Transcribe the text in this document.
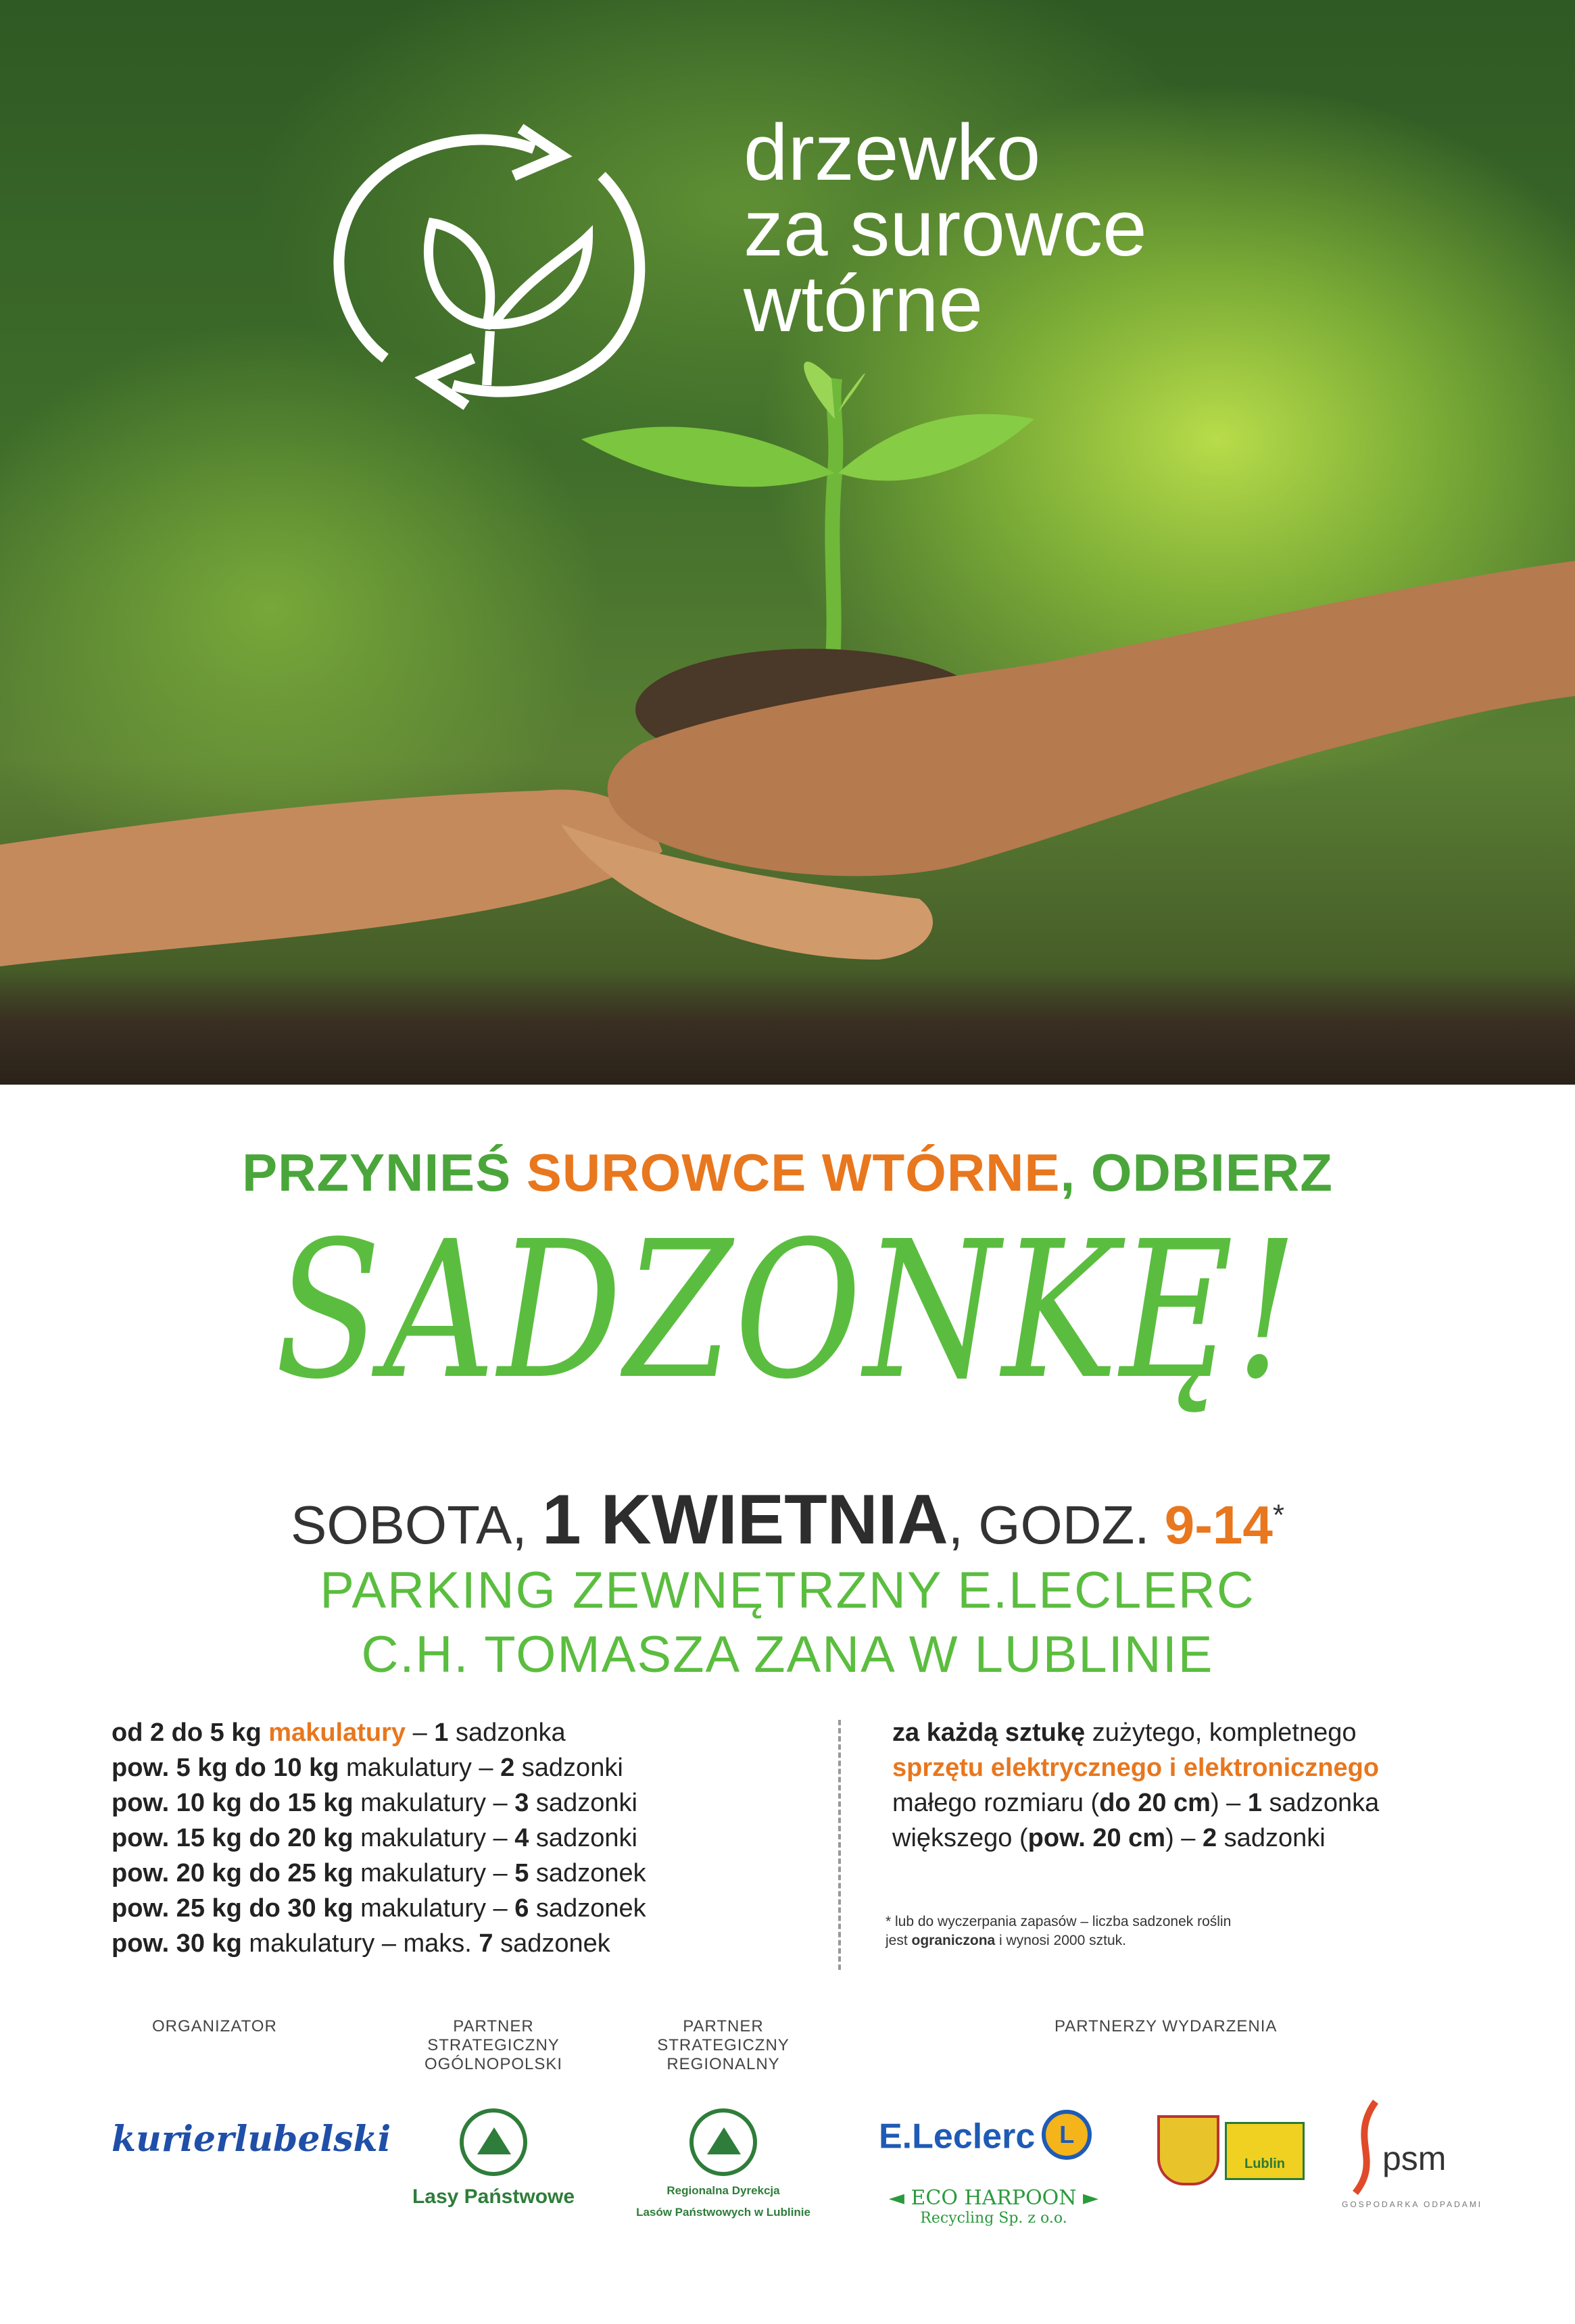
drzewko
za surowce
wtórne
PRZYNIEŚ SUROWCE WTÓRNE, ODBIERZ
SADZONKĘ!
SOBOTA, 1 KWIETNIA, GODZ. 9-14*
PARKING ZEWNĘTRZNY E.LECLERC
C.H. TOMASZA ZANA W LUBLINIE
od 2 do 5 kg makulatury – 1 sadzonka
pow. 5 kg do 10 kg makulatury – 2 sadzonki
pow. 10 kg do 15 kg makulatury – 3 sadzonki
pow. 15 kg do 20 kg makulatury – 4 sadzonki
pow. 20 kg do 25 kg makulatury – 5 sadzonek
pow. 25 kg do 30 kg makulatury – 6 sadzonek
pow. 30 kg makulatury – maks. 7 sadzonek
za każdą sztukę zużytego, kompletnego
sprzętu elektrycznego i elektronicznego
małego rozmiaru (do 20 cm) – 1 sadzonka
większego (pow. 20 cm) – 2 sadzonki
* lub do wyczerpania zapasów – liczba sadzonek roślin
jest ograniczona i wynosi 2000 sztuk.
ORGANIZATOR	PARTNER
STRATEGICZNY
OGÓLNOPOLSKI
PARTNER
STRATEGICZNY
REGIONALNY
PARTNERZY WYDARZENIA
kurierlubelski
Lasy Państwowe	Regionalna Dyrekcja
Lasów Państwowych w Lublinie
E.Leclerc L
◄ ECO HARPOON ►
Recycling Sp. z o.o.
Lublin	psm
GOSPODARKA ODPADAMI
